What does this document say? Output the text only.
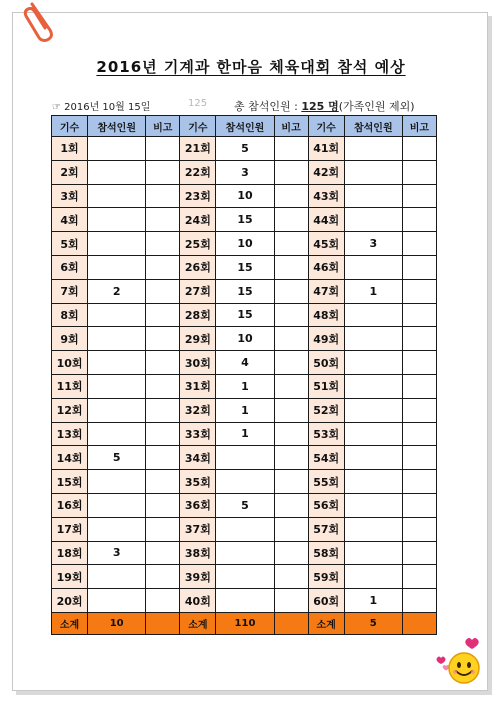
2016년 기계과 한마음 체육대회 참석 예상
☞ 2016년 10월 15일	125 총 참석인원 : 125 명(가족인원 제외)
기수	참석인원	비고	기수	참석인원	비고	기수	참석인원	비고
1회			21회	5		41회		
2회			22회	3		42회		
3회			23회	10		43회		
4회			24회	15		44회		
5회			25회	10		45회	3	
6회			26회	15		46회		
7회	2		27회	15		47회	1	
8회			28회	15		48회		
9회			29회	10		49회		
10회			30회	4		50회		
11회			31회	1		51회		
12회			32회	1		52회		
13회			33회	1		53회		
14회	5		34회			54회		
15회			35회			55회		
16회			36회	5		56회		
17회			37회			57회		
18회	3		38회			58회		
19회			39회			59회		
20회			40회			60회	1	
소계	10		소계	110		소계	5	
